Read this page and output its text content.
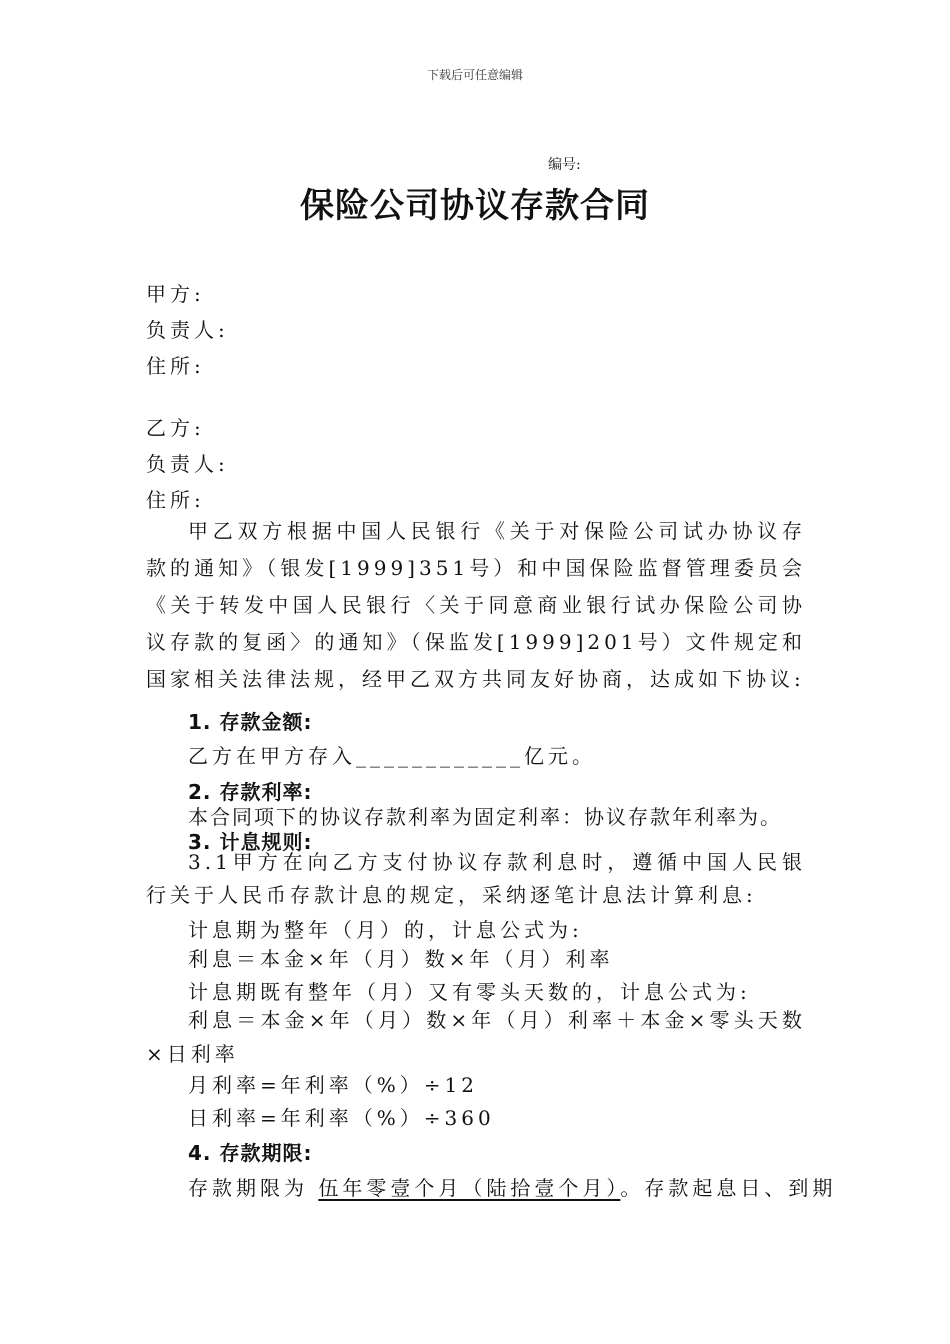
下载后可任意编辑
编号:
保险公司协议存款合同
甲方:
负责人:
住所:
乙方:
负责人:
住所:
甲乙双方根据中国人民银行《关于对保险公司试办协议存款的通知》（银发[1999]351号）和中国保险监督管理委员会《关于转发中国人民银行〈关于同意商业银行试办保险公司协议存款的复函〉的通知》（保监发[1999]201号）文件规定和国家相关法律法规，经甲乙双方共同友好协商，达成如下协议:
1. 存款金额:
乙方在甲方存入____________亿元。
2. 存款利率:
本合同项下的协议存款利率为固定利率：协议存款年利率为。
3. 计息规则:
3.1甲方在向乙方支付协议存款利息时，遵循中国人民银行关于人民币存款计息的规定，采纳逐笔计息法计算利息:
计息期为整年（月）的，计息公式为:
利息＝本金×年（月）数×年（月）利率
计息期既有整年（月）又有零头天数的，计息公式为:
利息＝本金×年（月）数×年（月）利率＋本金×零头天数×日利率
月利率=年利率（%）÷12
日利率=年利率（%）÷360
4. 存款期限:
存款期限为 伍年零壹个月（陆拾壹个月）。存款起息日、到期
